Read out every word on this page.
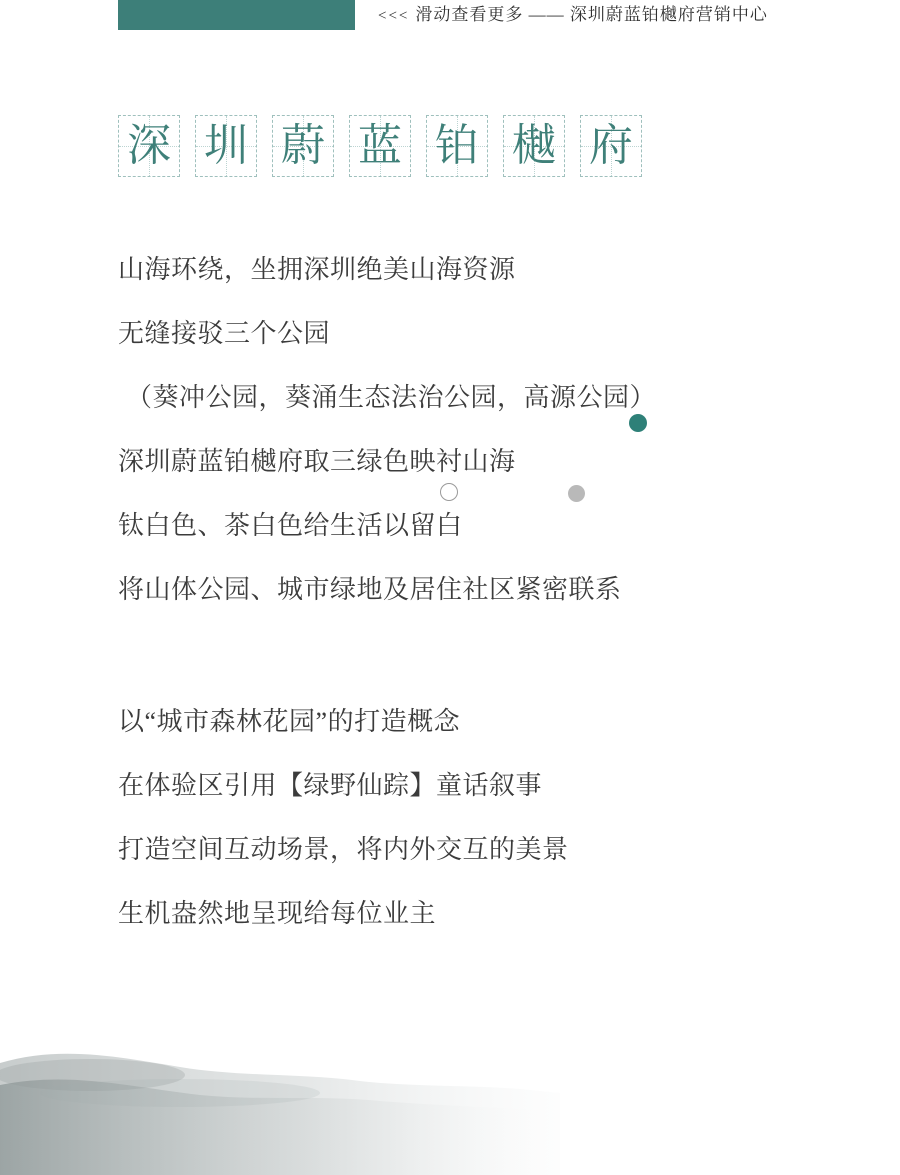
<<< 滑动查看更多 —— 深圳蔚蓝铂樾府营销中心
深 圳 蔚 蓝 铂 樾 府
山海环绕，坐拥深圳绝美山海资源
无缝接驳三个公园
（葵冲公园，葵涌生态法治公园，高源公园）
深圳蔚蓝铂樾府取三绿色映衬山海
钛白色、茶白色给生活以留白
将山体公园、城市绿地及居住社区紧密联系
以“城市森林花园”的打造概念
在体验区引用【绿野仙踪】童话叙事
打造空间互动场景，将内外交互的美景
生机盎然地呈现给每位业主
